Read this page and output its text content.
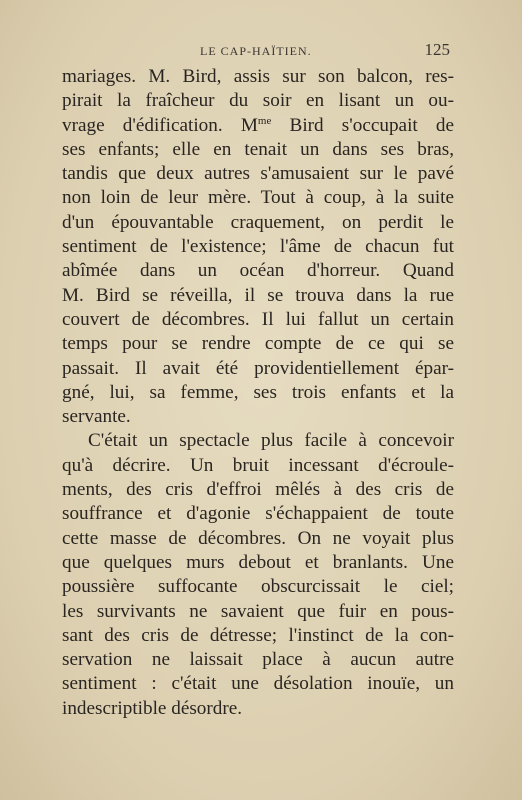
LE CAP-HAÏTIEN.	125
mariages. M. Bird, assis sur son balcon, res-
pirait la fraîcheur du soir en lisant un ou-
vrage d'édification. $M^{me}$ Bird s'occupait de
ses enfants; elle en tenait un dans ses bras,
tandis que deux autres s'amusaient sur le pavé
non loin de leur mère. Tout à coup, à la suite
d'un épouvantable craquement, on perdit le
sentiment de l'existence; l'âme de chacun fut
abîmée dans un océan d'horreur. Quand
M. Bird se réveilla, il se trouva dans la rue
couvert de décombres. Il lui fallut un certain
temps pour se rendre compte de ce qui se
passait. Il avait été providentiellement épar-
gné, lui, sa femme, ses trois enfants et la
servante.
C'était un spectacle plus facile à concevoir
qu'à décrire. Un bruit incessant d'écroule-
ments, des cris d'effroi mêlés à des cris de
souffrance et d'agonie s'échappaient de toute
cette masse de décombres. On ne voyait plus
que quelques murs debout et branlants. Une
poussière suffocante obscurcissait le ciel;
les survivants ne savaient que fuir en pous-
sant des cris de détresse; l'instinct de la con-
servation ne laissait place à aucun autre
sentiment : c'était une désolation inouïe, un
indescriptible désordre.
